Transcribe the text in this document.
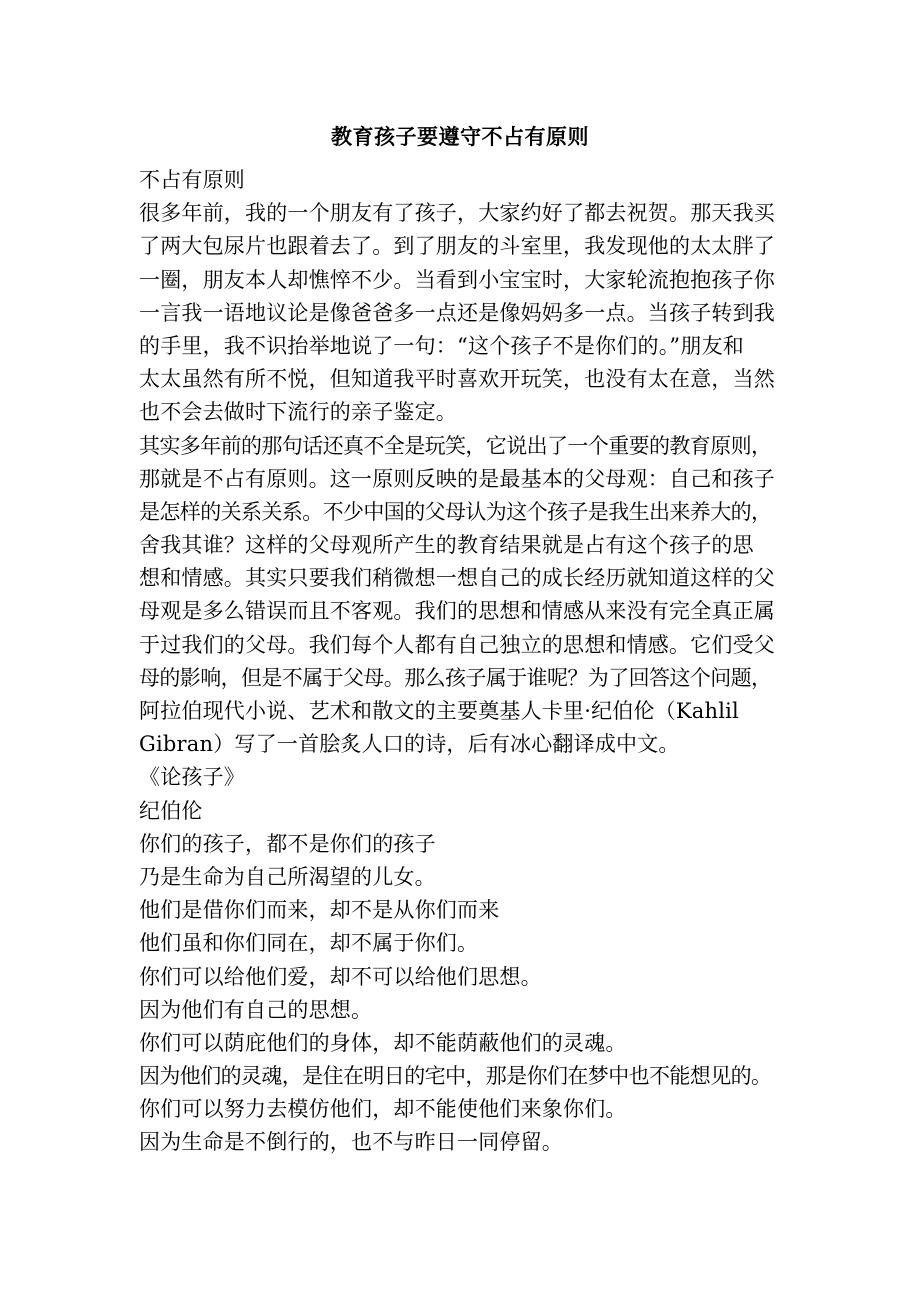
教育孩子要遵守不占有原则
不占有原则
很多年前，我的一个朋友有了孩子，大家约好了都去祝贺。那天我买
了两大包尿片也跟着去了。到了朋友的斗室里，我发现他的太太胖了
一圈，朋友本人却憔悴不少。当看到小宝宝时，大家轮流抱抱孩子你
一言我一语地议论是像爸爸多一点还是像妈妈多一点。当孩子转到我
的手里，我不识抬举地说了一句：“这个孩子不是你们的。”朋友和
太太虽然有所不悦，但知道我平时喜欢开玩笑，也没有太在意，当然
也不会去做时下流行的亲子鉴定。
其实多年前的那句话还真不全是玩笑，它说出了一个重要的教育原则，
那就是不占有原则。这一原则反映的是最基本的父母观：自己和孩子
是怎样的关系关系。不少中国的父母认为这个孩子是我生出来养大的，
舍我其谁？这样的父母观所产生的教育结果就是占有这个孩子的思
想和情感。其实只要我们稍微想一想自己的成长经历就知道这样的父
母观是多么错误而且不客观。我们的思想和情感从来没有完全真正属
于过我们的父母。我们每个人都有自己独立的思想和情感。它们受父
母的影响，但是不属于父母。那么孩子属于谁呢？为了回答这个问题，
阿拉伯现代小说、艺术和散文的主要奠基人卡里·纪伯伦（Kahlil
Gibran）写了一首脍炙人口的诗，后有冰心翻译成中文。
《论孩子》
纪伯伦
你们的孩子，都不是你们的孩子
乃是生命为自己所渴望的儿女。
他们是借你们而来，却不是从你们而来
他们虽和你们同在，却不属于你们。
你们可以给他们爱，却不可以给他们思想。
因为他们有自己的思想。
你们可以荫庇他们的身体，却不能荫蔽他们的灵魂。
因为他们的灵魂，是住在明日的宅中，那是你们在梦中也不能想见的。
你们可以努力去模仿他们，却不能使他们来象你们。
因为生命是不倒行的，也不与昨日一同停留。
